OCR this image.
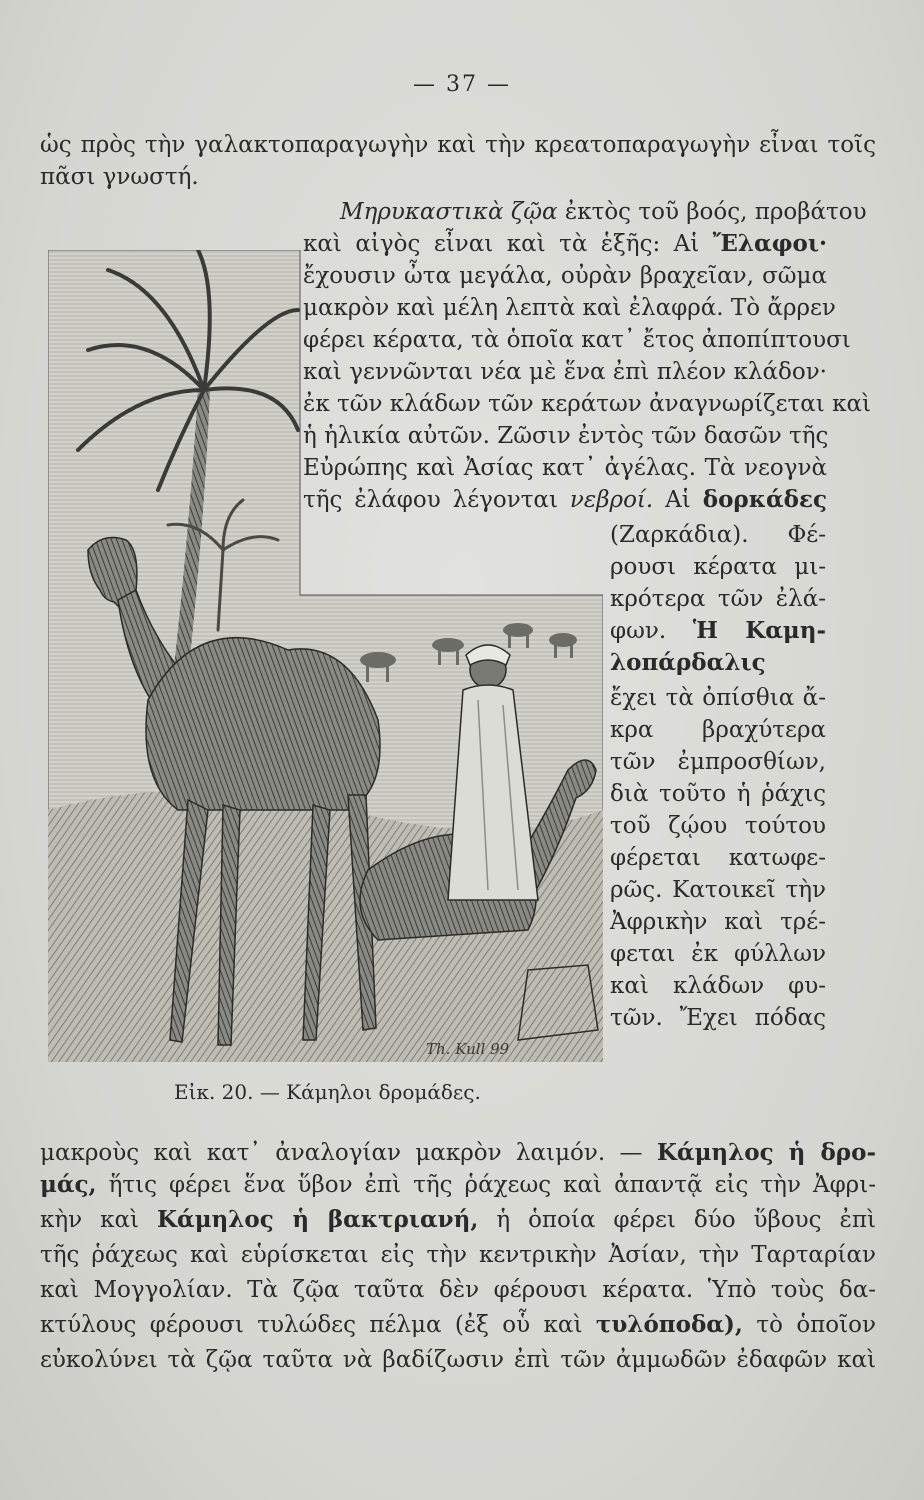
— 37 —
ὡς πρὸς τὴν γαλακτοπαραγωγὴν καὶ τὴν κρεατοπαραγωγὴν εἶναι τοῖς
πᾶσι γνωστή.
Μηρυκαστικὰ ζῷα ἐκτὸς τοῦ βοός, προβάτου
καὶ αἰγὸς εἶναι καὶ τὰ ἑξῆς: Αἱ Ἔλαφοι·
ἔχουσιν ὦτα μεγάλα, οὐρὰν βραχεῖαν, σῶμα
μακρὸν καὶ μέλη λεπτὰ καὶ ἐλαφρά. Τὸ ἄρρεν
φέρει κέρατα, τὰ ὁποῖα κατ᾽ ἔτος ἀποπίπτουσι
καὶ γεννῶνται νέα μὲ ἕνα ἐπὶ πλέον κλάδον·
ἐκ τῶν κλάδων τῶν κεράτων ἀναγνωρίζεται καὶ
ἡ ἡλικία αὐτῶν. Ζῶσιν ἐντὸς τῶν δασῶν τῆς
Εὐρώπης καὶ Ἀσίας κατ᾽ ἀγέλας. Τὰ νεογνὰ
τῆς ἐλάφου λέγονται νεβροί. Αἱ δορκάδες
(Ζαρκάδια). Φέ-
ρουσι κέρατα μι-
κρότερα τῶν ἐλά-
φων. Ἡ Καμη-
λοπάρδαλις
ἔχει τὰ ὀπίσθια ἄ-
κρα βραχύτερα
τῶν ἐμπροσθίων,
διὰ τοῦτο ἡ ῥάχις
τοῦ ζῴου τούτου
φέρεται κατωφε-
ρῶς. Κατοικεῖ τὴν
Ἀφρικὴν καὶ τρέ-
φεται ἐκ φύλλων
καὶ κλάδων φυ-
τῶν. Ἔχει πόδας
μακροὺς καὶ κατ᾽ ἀναλογίαν μακρὸν λαιμόν. — Κάμηλος ἡ δρο-
μάς, ἥτις φέρει ἕνα ὕβον ἐπὶ τῆς ῥάχεως καὶ ἀπαντᾷ εἰς τὴν Ἀφρι-
κὴν καὶ Κάμηλος ἡ βακτριανή, ἡ ὁποία φέρει δύο ὕβους ἐπὶ
τῆς ῥάχεως καὶ εὑρίσκεται εἰς τὴν κεντρικὴν Ἀσίαν, τὴν Ταρταρίαν
καὶ Μογγολίαν. Τὰ ζῷα ταῦτα δὲν φέρουσι κέρατα. Ὑπὸ τοὺς δα-
κτύλους φέρουσι τυλώδες πέλμα (ἐξ οὗ καὶ τυλόποδα), τὸ ὁποῖον
εὐκολύνει τὰ ζῷα ταῦτα νὰ βαδίζωσιν ἐπὶ τῶν ἀμμωδῶν ἐδαφῶν καὶ
Th. Kull 99
Εἰκ. 20. — Κάμηλοι δρομάδες.
